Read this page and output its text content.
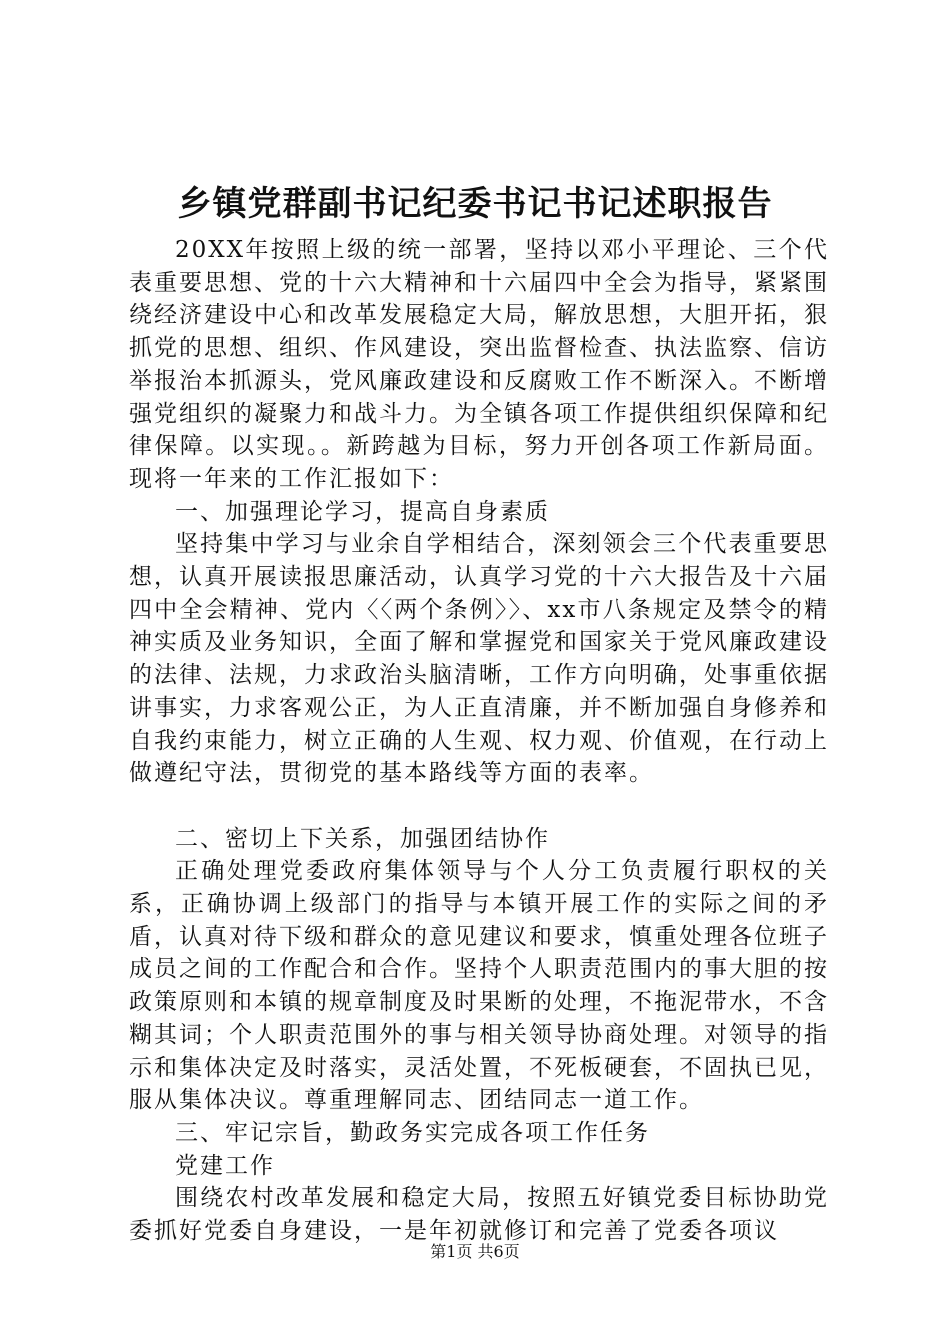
乡镇党群副书记纪委书记书记述职报告

20XX年按照上级的统一部署，坚持以邓小平理论、三个代表重要思想、党的十六大精神和十六届四中全会为指导，紧紧围绕经济建设中心和改革发展稳定大局，解放思想，大胆开拓，狠抓党的思想、组织、作风建设，突出监督检查、执法监察、信访举报治本抓源头，党风廉政建设和反腐败工作不断深入。不断增强党组织的凝聚力和战斗力。为全镇各项工作提供组织保障和纪律保障。以实现。。新跨越为目标，努力开创各项工作新局面。现将一年来的工作汇报如下：

一、加强理论学习，提高自身素质

坚持集中学习与业余自学相结合，深刻领会三个代表重要思想，认真开展读报思廉活动，认真学习党的十六大报告及十六届四中全会精神、党内〈〈两个条例〉〉、xx市八条规定及禁令的精神实质及业务知识，全面了解和掌握党和国家关于党风廉政建设的法律、法规，力求政治头脑清晰，工作方向明确，处事重依据讲事实，力求客观公正，为人正直清廉，并不断加强自身修养和自我约束能力，树立正确的人生观、权力观、价值观，在行动上做遵纪守法，贯彻党的基本路线等方面的表率。

二、密切上下关系，加强团结协作

正确处理党委政府集体领导与个人分工负责履行职权的关系，正确协调上级部门的指导与本镇开展工作的实际之间的矛盾，认真对待下级和群众的意见建议和要求，慎重处理各位班子成员之间的工作配合和合作。坚持个人职责范围内的事大胆的按政策原则和本镇的规章制度及时果断的处理，不拖泥带水，不含糊其词；个人职责范围外的事与相关领导协商处理。对领导的指示和集体决定及时落实，灵活处置，不死板硬套，不固执已见，服从集体决议。尊重理解同志、团结同志一道工作。

三、牢记宗旨，勤政务实完成各项工作任务

党建工作

围绕农村改革发展和稳定大局，按照五好镇党委目标协助党委抓好党委自身建设，一是年初就修订和完善了党委各项议

第1页 共6页
